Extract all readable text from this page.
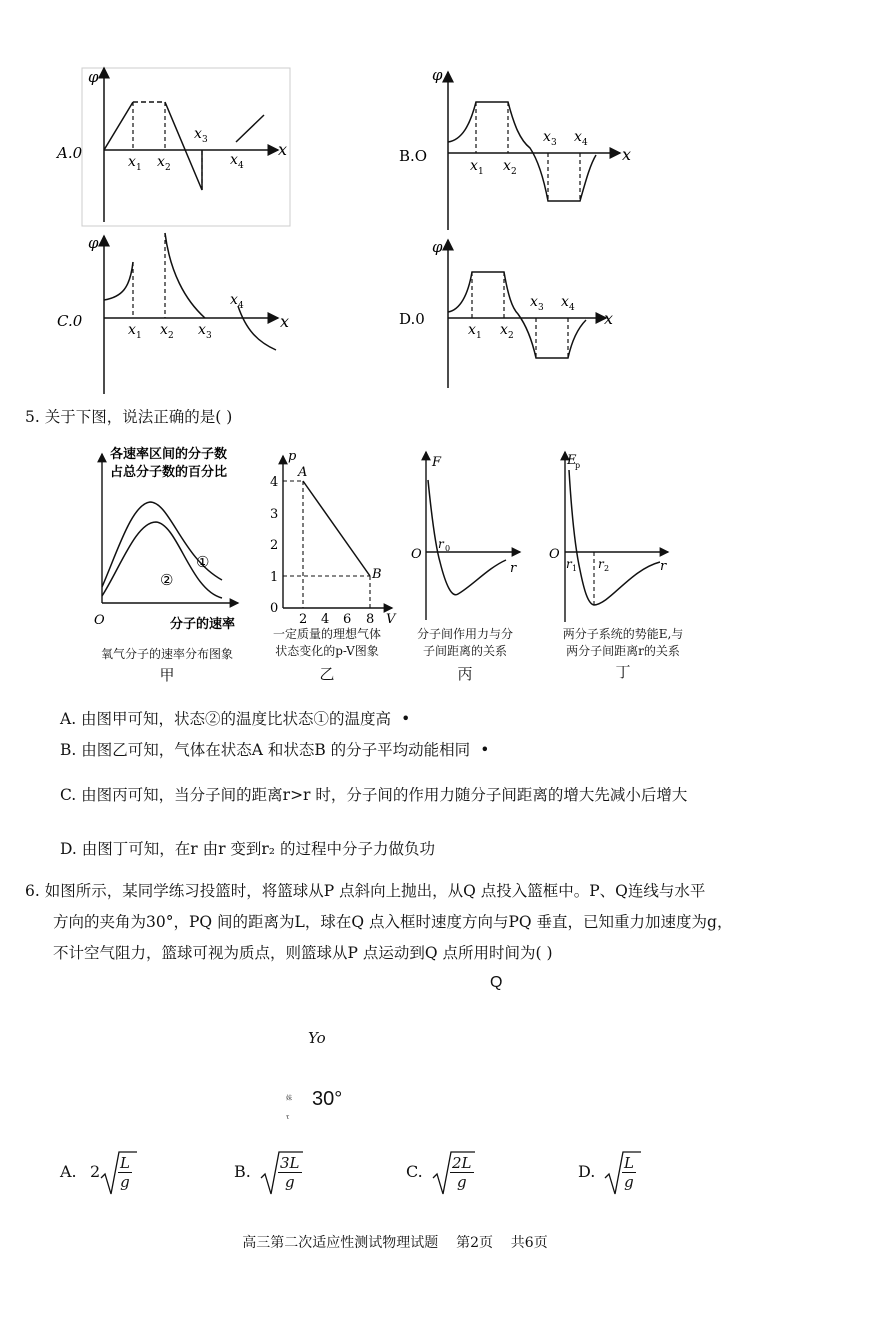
φ
x
x 1 x 2
x 3
x 4
A.0
φ
x
x 1 x 2
x 3 x 4
B.O
φ
x
x 1 x 2 x 3
x 4
C.0
φ
x
x 1 x 2
x 3 x 4
D.0
5. 关于下图，说法正确的是( )
各速率区间的分子数
占总分子数的百分比
①
②
O	分子的速率
p
A
B
4
3
2
1
0
2 4 6 8 V
F
O
r 0
r
E
p
O
r 1 r 2	r
氧气分子的速率分布图象
甲
一定质量的理想气体
状态变化的p-V图象
乙
分子间作用力与分
子间距离的关系
丙
两分子系统的势能E,与
两分子间距离r的关系
丁
A. 由图甲可知，状态②的温度比状态①的温度高 •
B. 由图乙可知，气体在状态A 和状态B 的分子平均动能相同 •
C. 由图丙可知，当分子间的距离r>r 时，分子间的作用力随分子间距离的增大先减小后增大
D. 由图丁可知，在r 由r 变到r₂ 的过程中分子力做负功
6. 如图所示，某同学练习投篮时，将篮球从P 点斜向上抛出，从Q 点投入篮框中。P、Q连线与水平
方向的夹角为30°，PQ 间的距离为L，球在Q 点入框时速度方向与PQ 垂直，已知重力加速度为g，
不计空气阻力，篮球可视为质点，则篮球从P 点运动到Q 点所用时间为( )
Q
Yo
妹
τ
30°
A. $2 \frac{L}{g}$	B. $\frac{3L}{g}$	C. $\frac{2L}{g}$	D. $\frac{L}{g}$
高三第二次适应性测试物理试题    第2页    共6页
